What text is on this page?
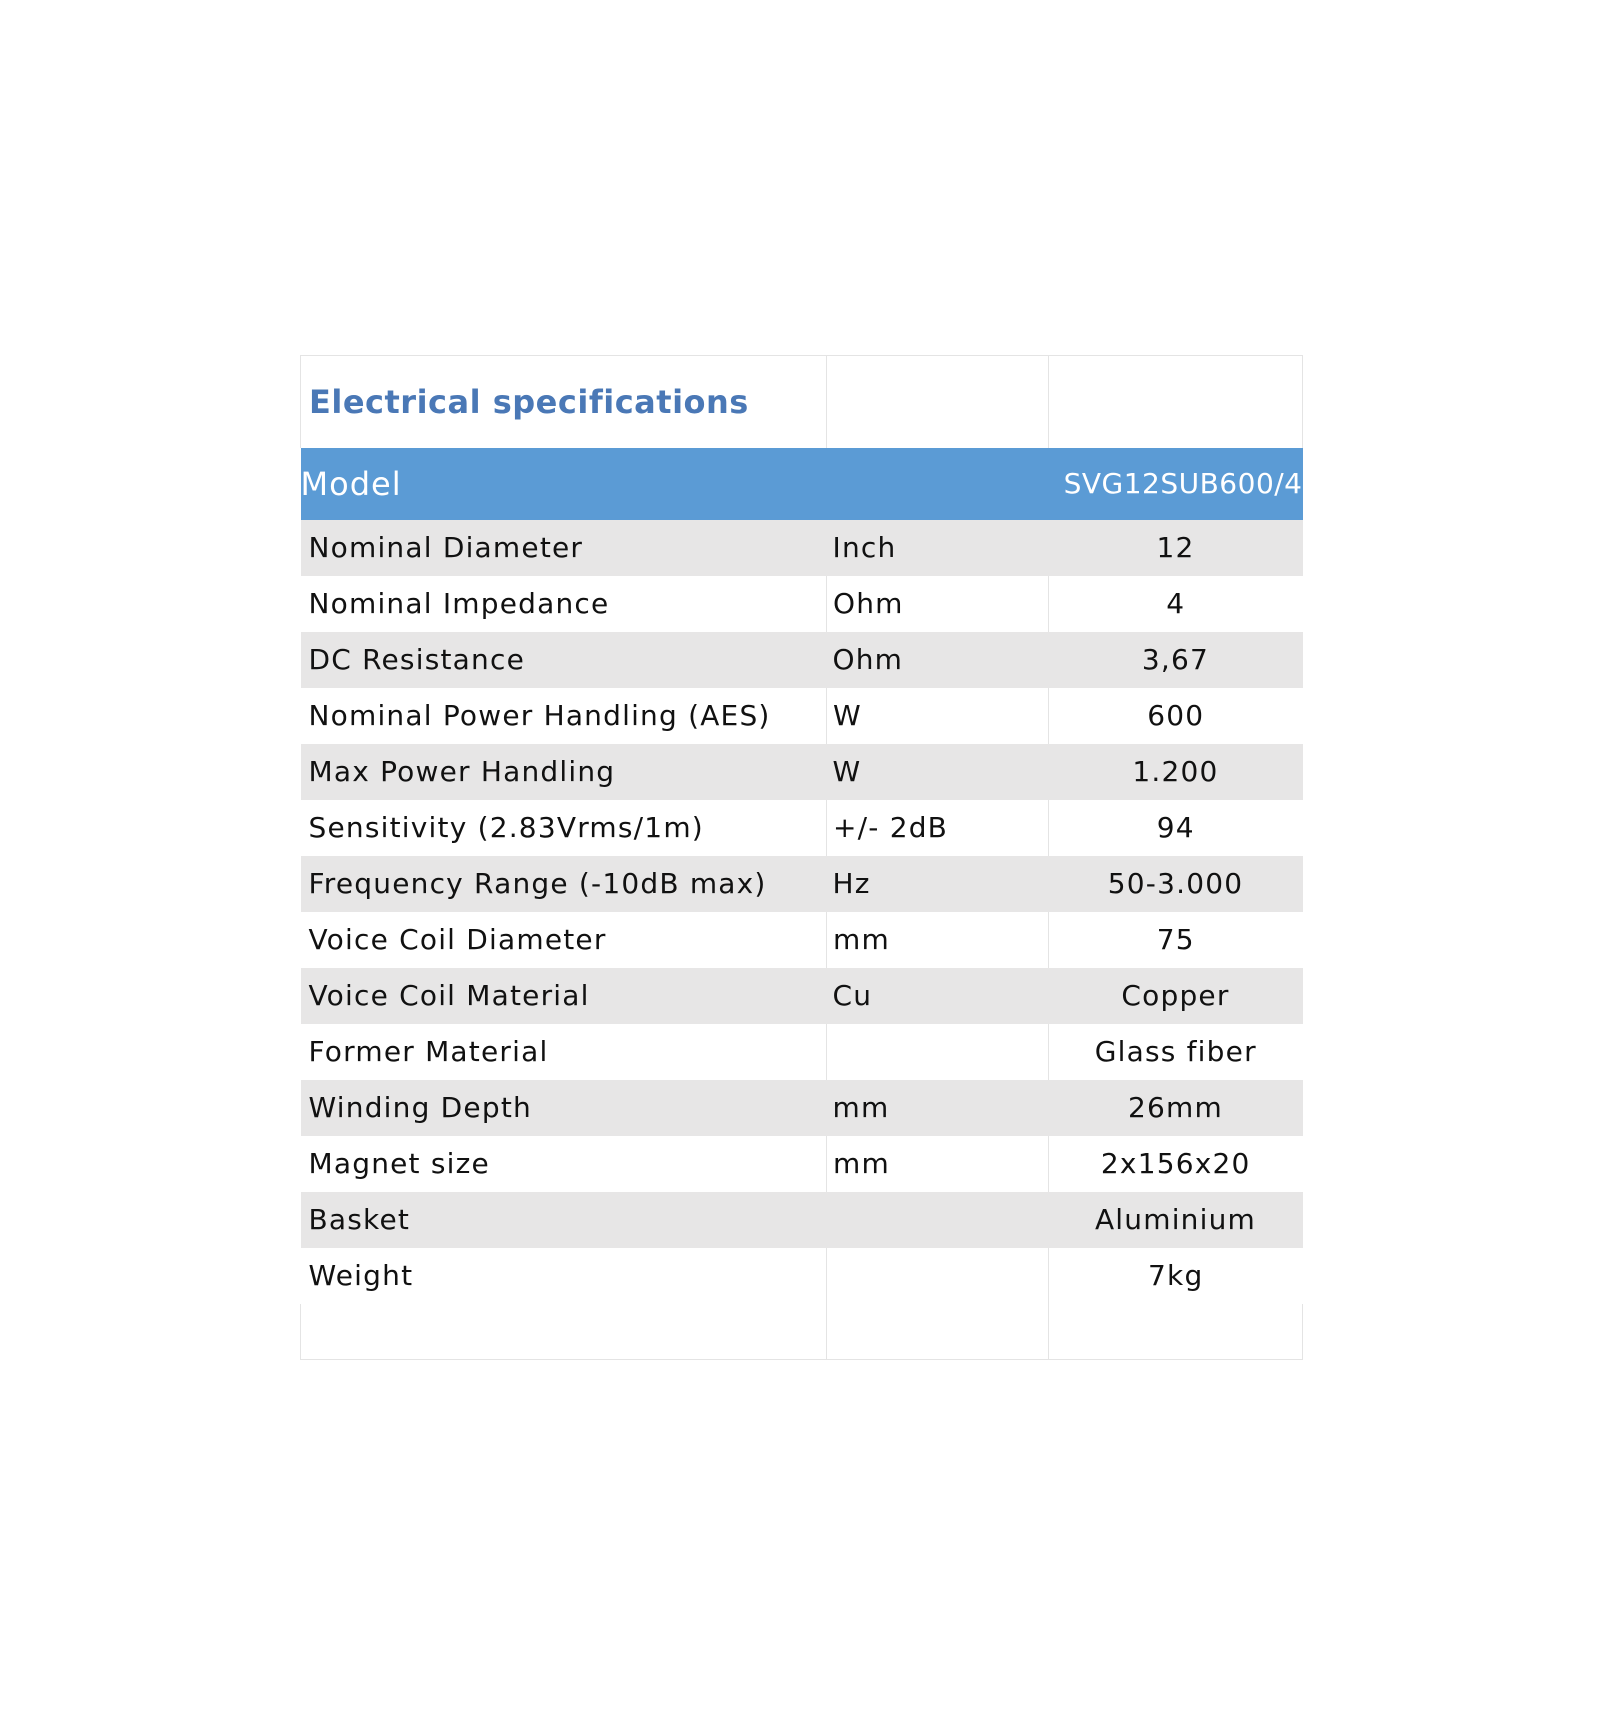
Electrical specifications		
Model		SVG12SUB600/4
Nominal Diameter	Inch	12
Nominal Impedance	Ohm	4
DC Resistance	Ohm	3,67
Nominal Power Handling (AES)	W	600
Max Power Handling	W	1.200
Sensitivity (2.83Vrms/1m)	+/- 2dB	94
Frequency Range (-10dB max)	Hz	50-3.000
Voice Coil Diameter	mm	75
Voice Coil Material	Cu	Copper
Former Material		Glass fiber
Winding Depth	mm	26mm
Magnet size	mm	2x156x20
Basket		Aluminium
Weight		7kg
